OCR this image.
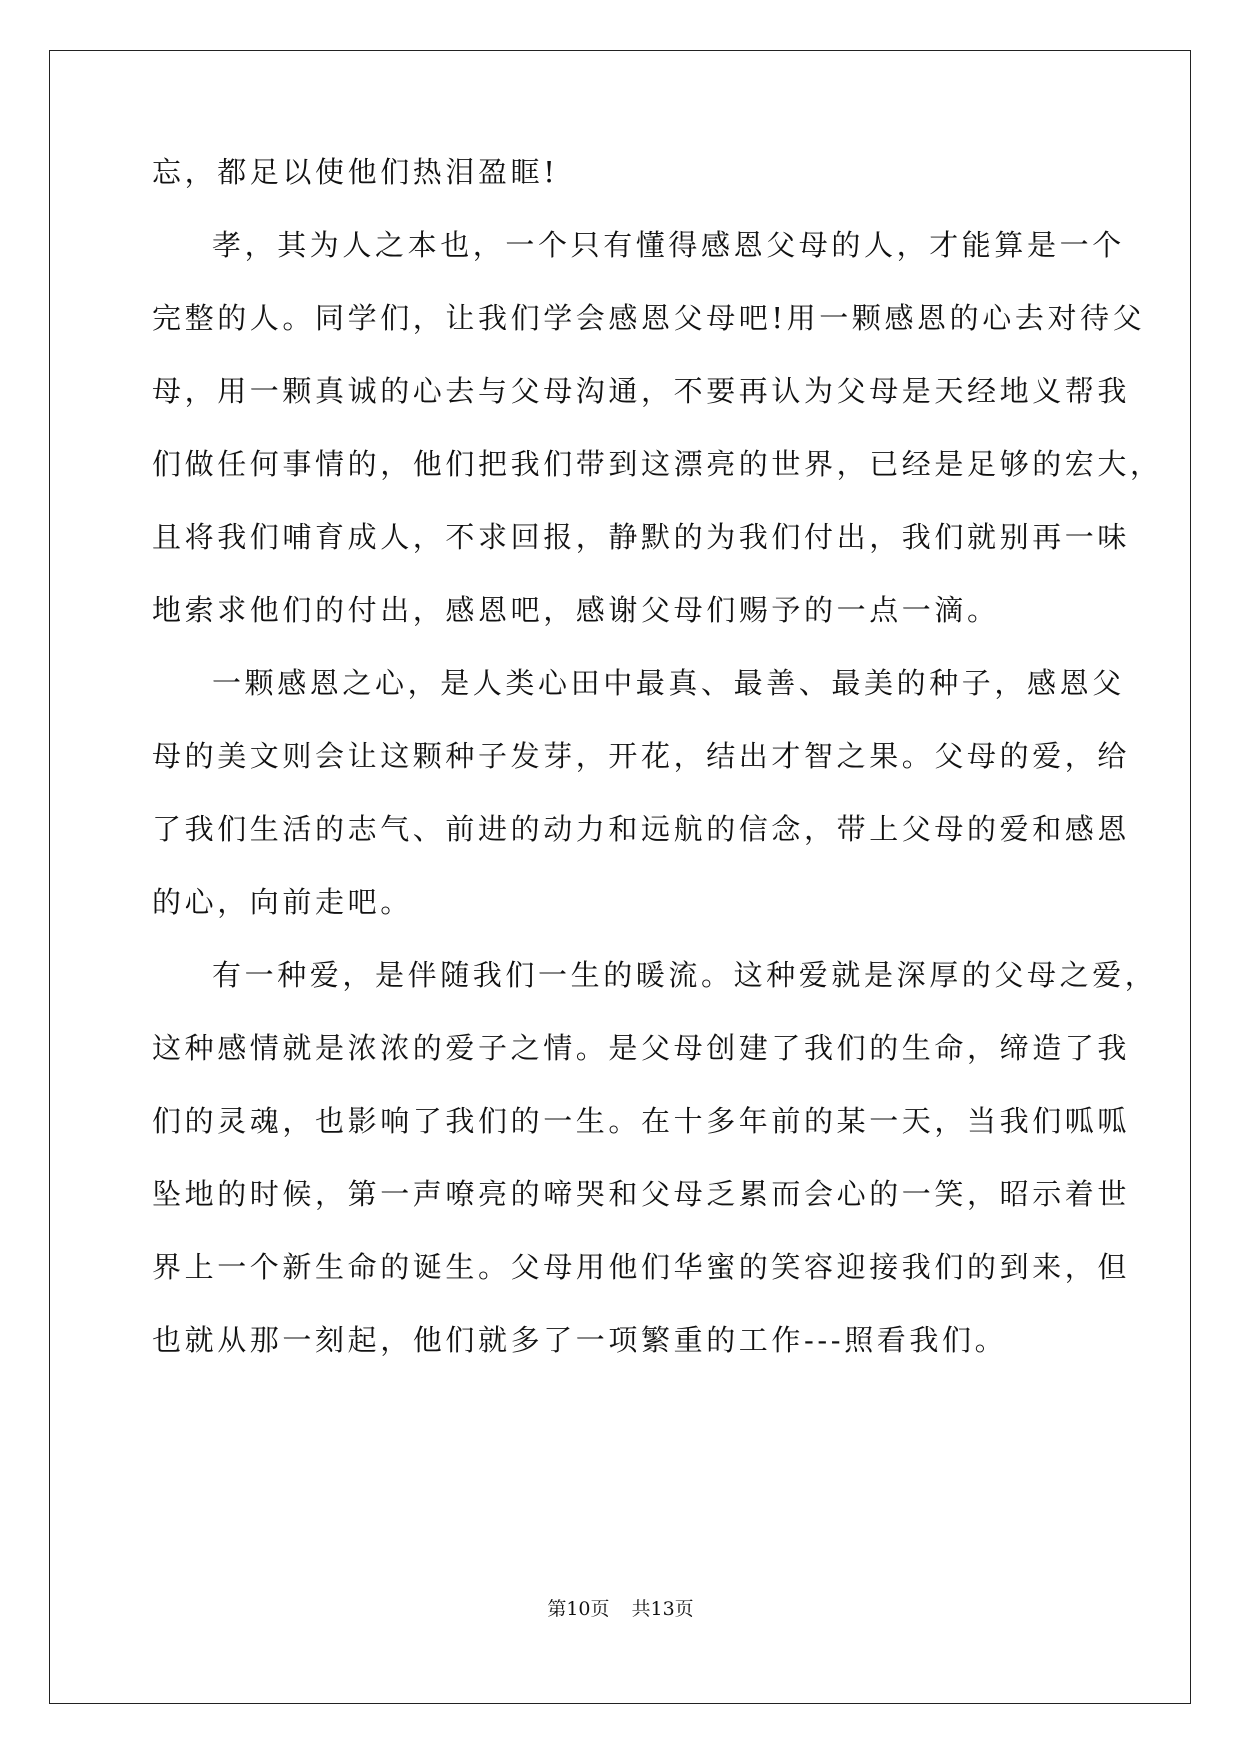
忘，都足以使他们热泪盈眶!
孝，其为人之本也，一个只有懂得感恩父母的人，才能算是一个
完整的人。同学们，让我们学会感恩父母吧!用一颗感恩的心去对待父
母，用一颗真诚的心去与父母沟通，不要再认为父母是天经地义帮我
们做任何事情的，他们把我们带到这漂亮的世界，已经是足够的宏大，
且将我们哺育成人，不求回报，静默的为我们付出，我们就别再一味
地索求他们的付出，感恩吧，感谢父母们赐予的一点一滴。
一颗感恩之心，是人类心田中最真、最善、最美的种子，感恩父
母的美文则会让这颗种子发芽，开花，结出才智之果。父母的爱，给
了我们生活的志气、前进的动力和远航的信念，带上父母的爱和感恩
的心，向前走吧。
有一种爱，是伴随我们一生的暖流。这种爱就是深厚的父母之爱，
这种感情就是浓浓的爱子之情。是父母创建了我们的生命，缔造了我
们的灵魂，也影响了我们的一生。在十多年前的某一天，当我们呱呱
坠地的时候，第一声嘹亮的啼哭和父母乏累而会心的一笑，昭示着世
界上一个新生命的诞生。父母用他们华蜜的笑容迎接我们的到来，但
也就从那一刻起，他们就多了一项繁重的工作---照看我们。
第10页 共13页
